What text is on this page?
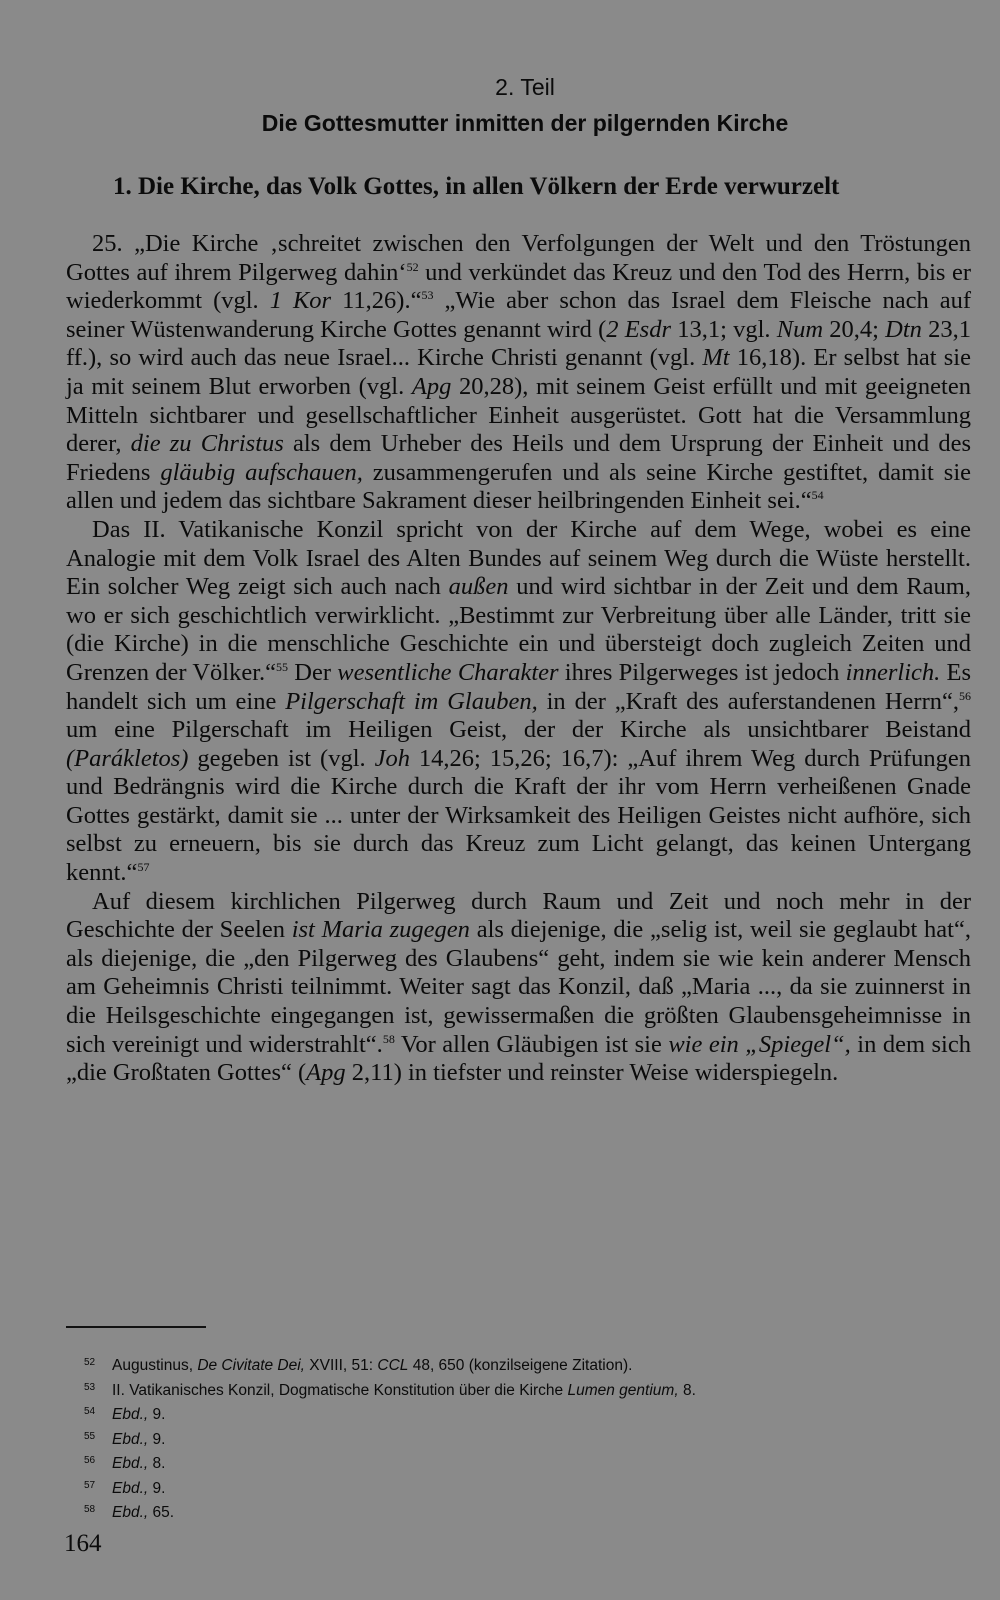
2. Teil
Die Gottesmutter inmitten der pilgernden Kirche
1. Die Kirche, das Volk Gottes, in allen Völkern der Erde verwurzelt

25. „Die Kirche ‚schreitet zwischen den Verfolgungen der Welt und den Tröstungen Gottes auf ihrem Pilgerweg dahin‘$^{52}$ und verkündet das Kreuz und den Tod des Herrn, bis er wiederkommt (vgl. 1 Kor 11,26).“$^{53}$ „Wie aber schon das Israel dem Fleische nach auf seiner Wüstenwanderung Kirche Gottes genannt wird (2 Esdr 13,1; vgl. Num 20,4; Dtn 23,1 ff.), so wird auch das neue Israel... Kirche Christi genannt (vgl. Mt 16,18). Er selbst hat sie ja mit seinem Blut erworben (vgl. Apg 20,28), mit seinem Geist erfüllt und mit geeigneten Mitteln sichtbarer und gesellschaftlicher Einheit ausgerüstet. Gott hat die Versammlung derer, die zu Christus als dem Urheber des Heils und dem Ursprung der Einheit und des Friedens gläubig aufschauen, zusammengerufen und als seine Kirche gestiftet, damit sie allen und jedem das sichtbare Sakrament dieser heilbringenden Einheit sei.“$^{54}$

Das II. Vatikanische Konzil spricht von der Kirche auf dem Wege, wobei es eine Analogie mit dem Volk Israel des Alten Bundes auf seinem Weg durch die Wüste herstellt. Ein solcher Weg zeigt sich auch nach außen und wird sichtbar in der Zeit und dem Raum, wo er sich geschichtlich verwirklicht. „Bestimmt zur Verbreitung über alle Länder, tritt sie (die Kirche) in die menschliche Geschichte ein und übersteigt doch zugleich Zeiten und Grenzen der Völker.“$^{55}$ Der wesentliche Charakter ihres Pilgerweges ist jedoch innerlich. Es handelt sich um eine Pilgerschaft im Glauben, in der „Kraft des auferstandenen Herrn“,$^{56}$ um eine Pilgerschaft im Heiligen Geist, der der Kirche als unsichtbarer Beistand (Parákletos) gegeben ist (vgl. Joh 14,26; 15,26; 16,7): „Auf ihrem Weg durch Prüfungen und Bedrängnis wird die Kirche durch die Kraft der ihr vom Herrn verheißenen Gnade Gottes gestärkt, damit sie ... unter der Wirksamkeit des Heiligen Geistes nicht aufhöre, sich selbst zu erneuern, bis sie durch das Kreuz zum Licht gelangt, das keinen Untergang kennt.“$^{57}$

Auf diesem kirchlichen Pilgerweg durch Raum und Zeit und noch mehr in der Geschichte der Seelen ist Maria zugegen als diejenige, die „selig ist, weil sie geglaubt hat“, als diejenige, die „den Pilgerweg des Glaubens“ geht, indem sie wie kein anderer Mensch am Geheimnis Christi teilnimmt. Weiter sagt das Konzil, daß „Maria ..., da sie zuinnerst in die Heilsgeschichte eingegangen ist, gewissermaßen die größten Glaubensgeheimnisse in sich vereinigt und widerstrahlt“.$^{58}$ Vor allen Gläubigen ist sie wie ein „Spiegel“, in dem sich „die Großtaten Gottes“ (Apg 2,11) in tiefster und reinster Weise widerspiegeln.

52 Augustinus, De Civitate Dei, XVIII, 51: CCL 48, 650 (konzilseigene Zitation).
53 II. Vatikanisches Konzil, Dogmatische Konstitution über die Kirche Lumen gentium, 8.
54 Ebd., 9.
55 Ebd., 9.
56 Ebd., 8.
57 Ebd., 9.
58 Ebd., 65.
164
